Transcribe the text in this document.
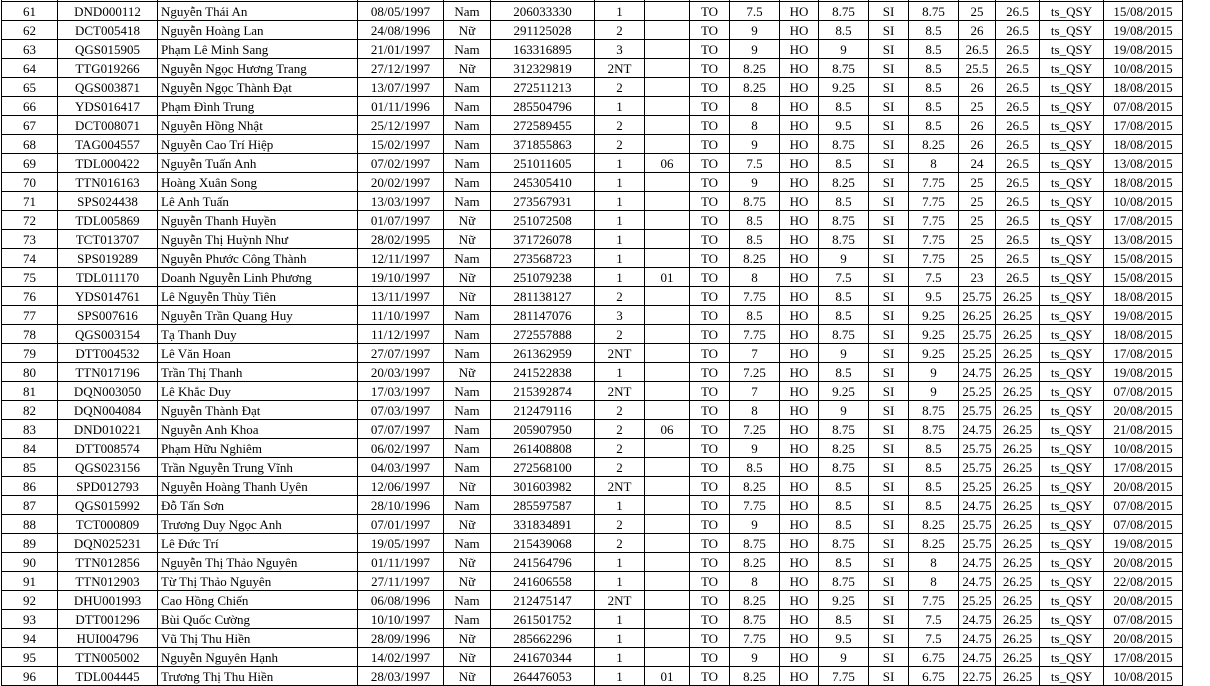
61	DND000112	Nguyễn Thái An	08/05/1997	Nam	206033330	1		TO	7.5	HO	8.75	SI	8.75	25	26.5	ts_QSY	15/08/2015
62	DCT005418	Nguyễn Hoàng Lan	24/08/1996	Nữ	291125028	2		TO	9	HO	8.5	SI	8.5	26	26.5	ts_QSY	19/08/2015
63	QGS015905	Phạm Lê Minh Sang	21/01/1997	Nam	163316895	3		TO	9	HO	9	SI	8.5	26.5	26.5	ts_QSY	19/08/2015
64	TTG019266	Nguyễn Ngọc Hương Trang	27/12/1997	Nữ	312329819	2NT		TO	8.25	HO	8.75	SI	8.5	25.5	26.5	ts_QSY	10/08/2015
65	QGS003871	Nguyễn Ngọc Thành Đạt	13/07/1997	Nam	272511213	2		TO	8.25	HO	9.25	SI	8.5	26	26.5	ts_QSY	18/08/2015
66	YDS016417	Phạm Đình Trung	01/11/1996	Nam	285504796	1		TO	8	HO	8.5	SI	8.5	25	26.5	ts_QSY	07/08/2015
67	DCT008071	Nguyễn Hồng Nhật	25/12/1997	Nam	272589455	2		TO	8	HO	9.5	SI	8.5	26	26.5	ts_QSY	17/08/2015
68	TAG004557	Nguyễn Cao Trí Hiệp	15/02/1997	Nam	371855863	2		TO	9	HO	8.75	SI	8.25	26	26.5	ts_QSY	18/08/2015
69	TDL000422	Nguyễn Tuấn Anh	07/02/1997	Nam	251011605	1	06	TO	7.5	HO	8.5	SI	8	24	26.5	ts_QSY	13/08/2015
70	TTN016163	Hoàng Xuân Song	20/02/1997	Nam	245305410	1		TO	9	HO	8.25	SI	7.75	25	26.5	ts_QSY	18/08/2015
71	SPS024438	Lê Anh Tuấn	13/03/1997	Nam	273567931	1		TO	8.75	HO	8.5	SI	7.75	25	26.5	ts_QSY	10/08/2015
72	TDL005869	Nguyễn Thanh Huyền	01/07/1997	Nữ	251072508	1		TO	8.5	HO	8.75	SI	7.75	25	26.5	ts_QSY	17/08/2015
73	TCT013707	Nguyễn Thị Huỳnh Như	28/02/1995	Nữ	371726078	1		TO	8.5	HO	8.75	SI	7.75	25	26.5	ts_QSY	13/08/2015
74	SPS019289	Nguyễn Phước Công Thành	12/11/1997	Nam	273568723	1		TO	8.25	HO	9	SI	7.75	25	26.5	ts_QSY	15/08/2015
75	TDL011170	Doanh Nguyễn Linh Phương	19/10/1997	Nữ	251079238	1	01	TO	8	HO	7.5	SI	7.5	23	26.5	ts_QSY	15/08/2015
76	YDS014761	Lê Nguyễn Thùy Tiên	13/11/1997	Nữ	281138127	2		TO	7.75	HO	8.5	SI	9.5	25.75	26.25	ts_QSY	18/08/2015
77	SPS007616	Nguyễn Trần Quang Huy	11/10/1997	Nam	281147076	3		TO	8.5	HO	8.5	SI	9.25	26.25	26.25	ts_QSY	19/08/2015
78	QGS003154	Tạ Thanh Duy	11/12/1997	Nam	272557888	2		TO	7.75	HO	8.75	SI	9.25	25.75	26.25	ts_QSY	18/08/2015
79	DTT004532	Lê Văn Hoan	27/07/1997	Nam	261362959	2NT		TO	7	HO	9	SI	9.25	25.25	26.25	ts_QSY	17/08/2015
80	TTN017196	Trần Thị Thanh	20/03/1997	Nữ	241522838	1		TO	7.25	HO	8.5	SI	9	24.75	26.25	ts_QSY	19/08/2015
81	DQN003050	Lê Khắc Duy	17/03/1997	Nam	215392874	2NT		TO	7	HO	9.25	SI	9	25.25	26.25	ts_QSY	07/08/2015
82	DQN004084	Nguyễn Thành Đạt	07/03/1997	Nam	212479116	2		TO	8	HO	9	SI	8.75	25.75	26.25	ts_QSY	20/08/2015
83	DND010221	Nguyễn Anh Khoa	07/07/1997	Nam	205907950	2	06	TO	7.25	HO	8.75	SI	8.75	24.75	26.25	ts_QSY	21/08/2015
84	DTT008574	Phạm Hữu Nghiêm	06/02/1997	Nam	261408808	2		TO	9	HO	8.25	SI	8.5	25.75	26.25	ts_QSY	10/08/2015
85	QGS023156	Trần Nguyễn Trung Vĩnh	04/03/1997	Nam	272568100	2		TO	8.5	HO	8.75	SI	8.5	25.75	26.25	ts_QSY	17/08/2015
86	SPD012793	Nguyễn Hoàng Thanh Uyên	12/06/1997	Nữ	301603982	2NT		TO	8.25	HO	8.5	SI	8.5	25.25	26.25	ts_QSY	20/08/2015
87	QGS015992	Đỗ Tấn Sơn	28/10/1996	Nam	285597587	1		TO	7.75	HO	8.5	SI	8.5	24.75	26.25	ts_QSY	07/08/2015
88	TCT000809	Trương Duy Ngọc Anh	07/01/1997	Nữ	331834891	2		TO	9	HO	8.5	SI	8.25	25.75	26.25	ts_QSY	07/08/2015
89	DQN025231	Lê Đức Trí	19/05/1997	Nam	215439068	2		TO	8.75	HO	8.75	SI	8.25	25.75	26.25	ts_QSY	19/08/2015
90	TTN012856	Nguyễn Thị Thảo Nguyên	01/11/1997	Nữ	241564796	1		TO	8.25	HO	8.5	SI	8	24.75	26.25	ts_QSY	20/08/2015
91	TTN012903	Từ Thị Thảo Nguyên	27/11/1997	Nữ	241606558	1		TO	8	HO	8.75	SI	8	24.75	26.25	ts_QSY	22/08/2015
92	DHU001993	Cao Hồng Chiến	06/08/1996	Nam	212475147	2NT		TO	8.25	HO	9.25	SI	7.75	25.25	26.25	ts_QSY	20/08/2015
93	DTT001296	Bùi Quốc Cường	10/10/1997	Nam	261501752	1		TO	8.75	HO	8.5	SI	7.5	24.75	26.25	ts_QSY	07/08/2015
94	HUI004796	Vũ Thị Thu Hiền	28/09/1996	Nữ	285662296	1		TO	7.75	HO	9.5	SI	7.5	24.75	26.25	ts_QSY	20/08/2015
95	TTN005002	Nguyễn Nguyên Hạnh	14/02/1997	Nữ	241670344	1		TO	9	HO	9	SI	6.75	24.75	26.25	ts_QSY	17/08/2015
96	TDL004445	Trương Thị Thu Hiền	28/03/1997	Nữ	264476053	1	01	TO	8.25	HO	7.75	SI	6.75	22.75	26.25	ts_QSY	10/08/2015
